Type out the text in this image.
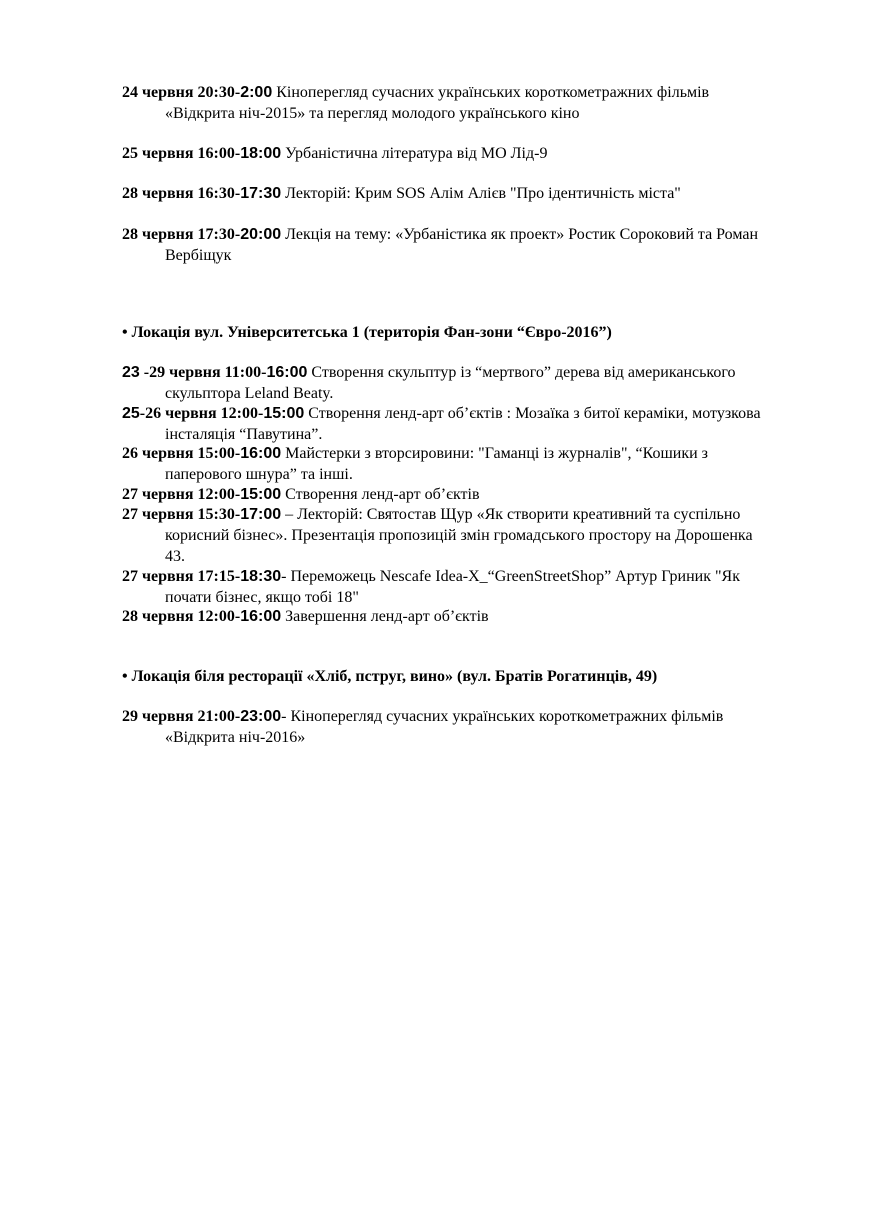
24 червня 20:30-2:00 Кіноперегляд сучасних українських короткометражних фільмів
«Відкрита ніч-2015» та перегляд молодого українського кіно
25 червня 16:00-18:00 Урбаністична література від МО Лід-9
28 червня 16:30-17:30 Лекторій: Крим SOS Алім Алієв "Про ідентичність міста"
28 червня 17:30-20:00 Лекція на тему: «Урбаністика як проект» Ростик Сороковий та Роман
Вербіщук
• Локація вул. Університетська 1 (територія Фан-зони “Євро-2016”)
23 -29 червня 11:00-16:00 Створення скульптур із “мертвого” дерева від американського
скульптора Leland Beaty.
25-26 червня 12:00-15:00 Створення ленд-арт об’єктів : Мозаїка з битої кераміки, мотузкова
інсталяція “Павутина”.
26 червня 15:00-16:00 Майстерки з вторсировини: "Гаманці із журналів", “Кошики з
паперового шнура” та інші.
27 червня 12:00-15:00 Створення ленд-арт об’єктів
27 червня 15:30-17:00 – Лекторій: Святостав Щур «Як створити креативний та суспільно
корисний бізнес». Презентація пропозицій змін громадського простору на Дорошенка
43.
27 червня 17:15-18:30- Переможець Nescafe Idea-X_“GreenStreetShop” Артур Гриник "Як
почати бізнес, якщо тобі 18"
28 червня 12:00-16:00 Завершення ленд-арт об’єктів
• Локація біля ресторації «Хліб, пструг, вино» (вул. Братів Рогатинців, 49)
29 червня 21:00-23:00- Кіноперегляд сучасних українських короткометражних фільмів
«Відкрита ніч-2016»
